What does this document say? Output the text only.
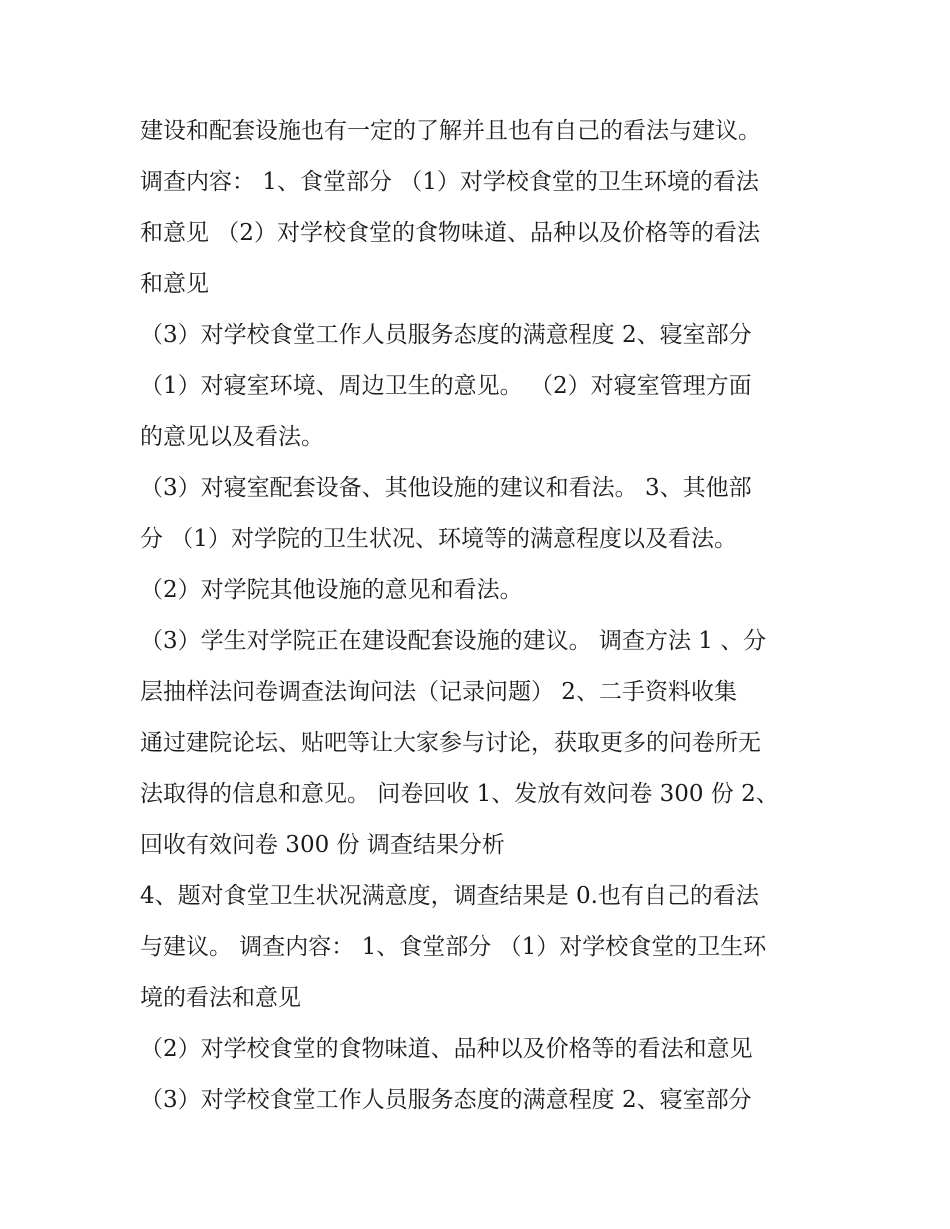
建设和配套设施也有一定的了解并且也有自己的看法与建议。
调查内容： 1、食堂部分 （1）对学校食堂的卫生环境的看法
和意见 （2）对学校食堂的食物味道、品种以及价格等的看法
和意见
（3）对学校食堂工作人员服务态度的满意程度 2、寝室部分
（1）对寝室环境、周边卫生的意见。 （2）对寝室管理方面
的意见以及看法。
（3）对寝室配套设备、其他设施的建议和看法。 3、其他部
分 （1）对学院的卫生状况、环境等的满意程度以及看法。
（2）对学院其他设施的意见和看法。
（3）学生对学院正在建设配套设施的建议。 调查方法 1 、分
层抽样法问卷调查法询问法（记录问题） 2、二手资料收集
通过建院论坛、贴吧等让大家参与讨论，获取更多的问卷所无
法取得的信息和意见。 问卷回收 1、发放有效问卷 300 份 2、
回收有效问卷 300 份 调查结果分析
4、题对食堂卫生状况满意度，调查结果是 0.也有自己的看法
与建议。 调查内容： 1、食堂部分 （1）对学校食堂的卫生环
境的看法和意见
（2）对学校食堂的食物味道、品种以及价格等的看法和意见
（3）对学校食堂工作人员服务态度的满意程度 2、寝室部分
